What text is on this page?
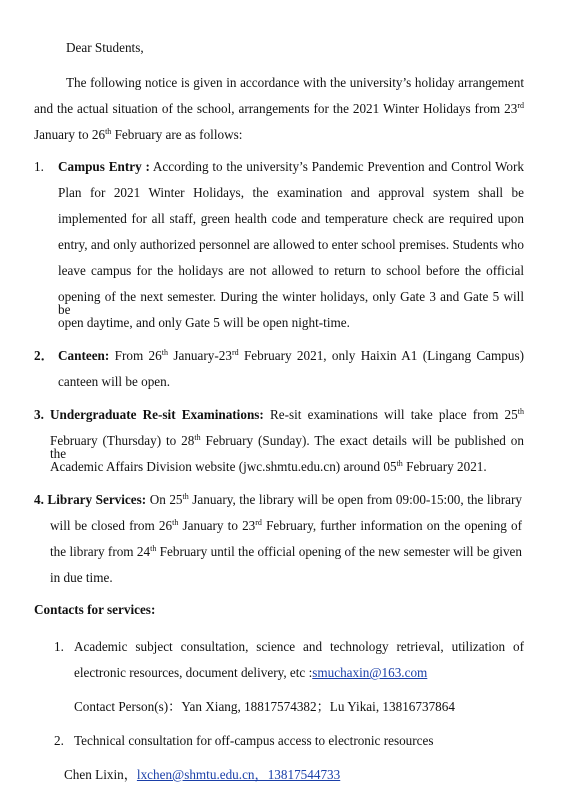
Dear Students,
The following notice is given in accordance with the university’s holiday arrangement
and the actual situation of the school, arrangements for the 2021 Winter Holidays from 23rd
January to 26th February are as follows:
1. Campus Entry : According to the university’s Pandemic Prevention and Control Work
Plan for 2021 Winter Holidays, the examination and approval system shall be
implemented for all staff, green health code and temperature check are required upon
entry, and only authorized personnel are allowed to enter school premises. Students who
leave campus for the holidays are not allowed to return to school before the official
opening of the next semester. During the winter holidays, only Gate 3 and Gate 5 will be
open daytime, and only Gate 5 will be open night-time.
2． Canteen: From 26th January-23rd February 2021, only Haixin A1 (Lingang Campus)
canteen will be open.
3. Undergraduate Re-sit Examinations: Re-sit examinations will take place from 25th
February (Thursday) to 28th February (Sunday). The exact details will be published on the
Academic Affairs Division website (jwc.shmtu.edu.cn) around 05th February 2021.
4. Library Services: On 25th January, the library will be open from 09:00-15:00, the library
will be closed from 26th January to 23rd February, further information on the opening of
the library from 24th February until the official opening of the new semester will be given
in due time.
Contacts for services:
1. Academic subject consultation, science and technology retrieval, utilization of
electronic resources, document delivery, etc :smuchaxin@163.com
Contact Person(s)：Yan Xiang, 18817574382；Lu Yikai, 13816737864
2. Technical consultation for off-campus access to electronic resources
Chen Lixin，lxchen@shmtu.edu.cn，13817544733
